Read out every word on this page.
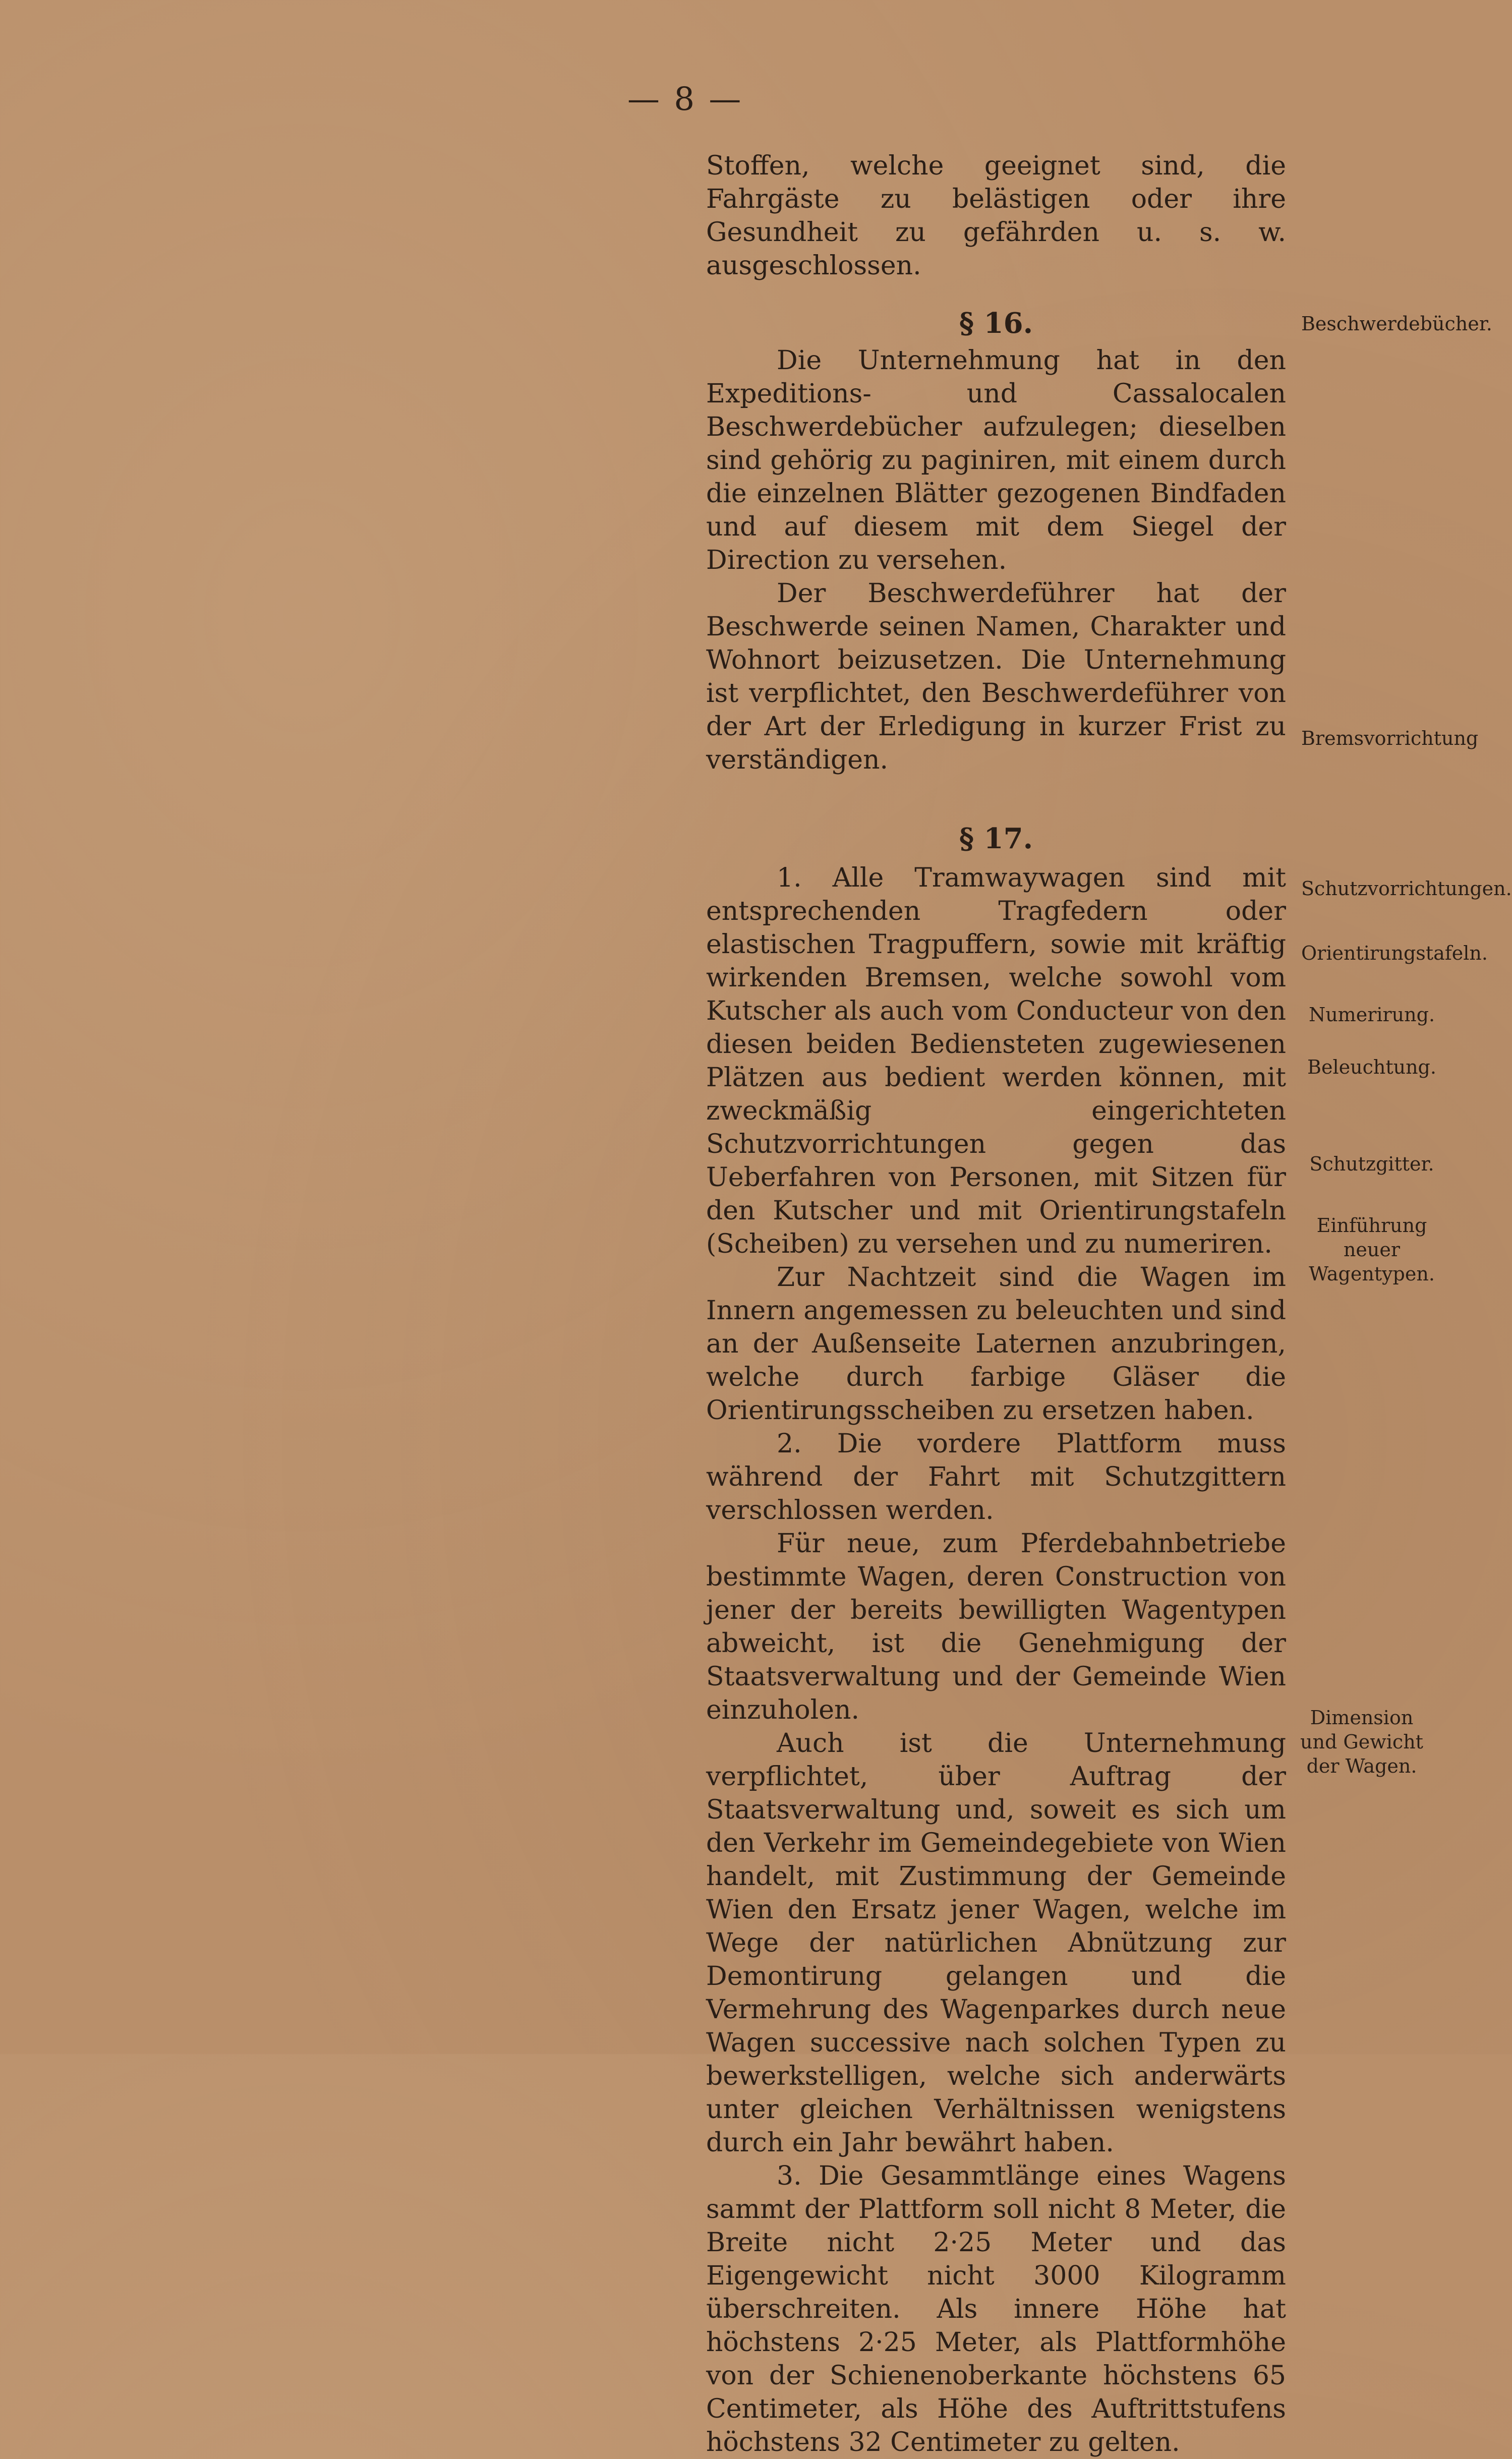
— 8 —

Stoffen, welche geeignet sind, die Fahrgäste zu belästigen oder ihre Gesundheit zu gefährden u. s. w. ausgeschlossen.

§ 16.

Die Unternehmung hat in den Expeditions- und Cassalocalen Beschwerdebücher aufzulegen; dieselben sind gehörig zu paginiren, mit einem durch die einzelnen Blätter gezogenen Bindfaden und auf diesem mit dem Siegel der Direction zu versehen.

Der Beschwerdeführer hat der Beschwerde seinen Namen, Charakter und Wohnort beizusetzen. Die Unternehmung ist verpflichtet, den Beschwerdeführer von der Art der Erledigung in kurzer Frist zu verständigen.

§ 17.

1. Alle Tramwaywagen sind mit entsprechenden Tragfedern oder elastischen Tragpuffern, sowie mit kräftig wirkenden Bremsen, welche sowohl vom Kutscher als auch vom Conducteur von den diesen beiden Bediensteten zugewiesenen Plätzen aus bedient werden können, mit zweckmäßig eingerichteten Schutzvorrichtungen gegen das Ueberfahren von Personen, mit Sitzen für den Kutscher und mit Orientirungstafeln (Scheiben) zu versehen und zu numeriren.

Zur Nachtzeit sind die Wagen im Innern angemessen zu beleuchten und sind an der Außenseite Laternen anzubringen, welche durch farbige Gläser die Orientirungsscheiben zu ersetzen haben.

2. Die vordere Plattform muss während der Fahrt mit Schutzgittern verschlossen werden.

Für neue, zum Pferdebahnbetriebe bestimmte Wagen, deren Construction von jener der bereits bewilligten Wagentypen abweicht, ist die Genehmigung der Staatsverwaltung und der Gemeinde Wien einzuholen.

Auch ist die Unternehmung verpflichtet, über Auftrag der Staatsverwaltung und, soweit es sich um den Verkehr im Gemeindegebiete von Wien handelt, mit Zustimmung der Gemeinde Wien den Ersatz jener Wagen, welche im Wege der natürlichen Abnützung zur Demontirung gelangen und die Vermehrung des Wagenparkes durch neue Wagen successive nach solchen Typen zu bewerkstelligen, welche sich anderwärts unter gleichen Verhältnissen wenigstens durch ein Jahr bewährt haben.

3. Die Gesammtlänge eines Wagens sammt der Plattform soll nicht 8 Meter, die Breite nicht 2·25 Meter und das Eigengewicht nicht 3000 Kilogramm überschreiten. Als innere Höhe hat höchstens 2·25 Meter, als Plattformhöhe von der Schienenoberkante höchstens 65 Centimeter, als Höhe des Auftrittstufens höchstens 32 Centimeter zu gelten.

Beschwerdebücher.
Bremsvorrichtung
Schutzvorrichtungen.
Orientirungstafeln.
Numerirung.
Beleuchtung.
Schutzgitter.
Einführung neuer Wagentypen.
Dimension und Gewicht der Wagen.
